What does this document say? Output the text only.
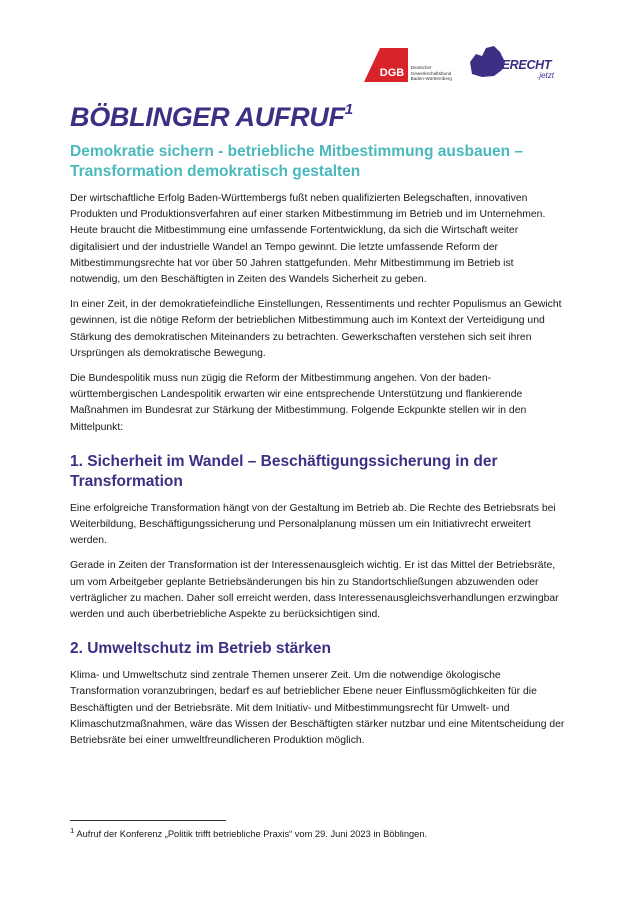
DGB Deutscher
Gewerkschaftsbund
Baden-Württemberg
BWGERECHT
.jetzt
BÖBLINGER AUFRUF$^1$
Demokratie sichern - betriebliche Mitbestimmung ausbauen – Transformation demokratisch gestalten

Der wirtschaftliche Erfolg Baden-Württembergs fußt neben qualifizierten Belegschaften, innovativen Produkten und Produktionsverfahren auf einer starken Mitbestimmung im Betrieb und im Unternehmen. Heute braucht die Mitbestimmung eine umfassende Fortentwicklung, da sich die Wirtschaft weiter digitalisiert und der industrielle Wandel an Tempo gewinnt. Die letzte umfassende Reform der Mitbestimmungsrechte hat vor über 50 Jahren stattgefunden. Mehr Mitbestimmung im Betrieb ist notwendig, um den Beschäftigten in Zeiten des Wandels Sicherheit zu geben.

In einer Zeit, in der demokratiefeindliche Einstellungen, Ressentiments und rechter Populismus an Gewicht gewinnen, ist die nötige Reform der betrieblichen Mitbestimmung auch im Kontext der Verteidigung und Stärkung des demokratischen Miteinanders zu betrachten. Gewerkschaften verstehen sich seit ihren Ursprüngen als demokratische Bewegung.

Die Bundespolitik muss nun zügig die Reform der Mitbestimmung angehen. Von der baden-württembergischen Landespolitik erwarten wir eine entsprechende Unterstützung und flankierende Maßnahmen im Bundesrat zur Stärkung der Mitbestimmung. Folgende Eckpunkte stellen wir in den Mittelpunkt:

1. Sicherheit im Wandel – Beschäftigungssicherung in der Transformation

Eine erfolgreiche Transformation hängt von der Gestaltung im Betrieb ab. Die Rechte des Betriebsrats bei Weiterbildung, Beschäftigungssicherung und Personalplanung müssen um ein Initiativrecht erweitert werden.

Gerade in Zeiten der Transformation ist der Interessenausgleich wichtig. Er ist das Mittel der Betriebsräte, um vom Arbeitgeber geplante Betriebsänderungen bis hin zu Standortschließungen abzuwenden oder verträglicher zu machen. Daher soll erreicht werden, dass Interessenausgleichsverhandlungen erzwingbar werden und auch überbetriebliche Aspekte zu berücksichtigen sind.

2. Umweltschutz im Betrieb stärken

Klima- und Umweltschutz sind zentrale Themen unserer Zeit. Um die notwendige ökologische Transformation voranzubringen, bedarf es auf betrieblicher Ebene neuer Einflussmöglichkeiten für die Beschäftigten und der Betriebsräte. Mit dem Initiativ- und Mitbestimmungsrecht für Umwelt- und Klimaschutzmaßnahmen, wäre das Wissen der Beschäftigten stärker nutzbar und eine Mitentscheidung der Betriebsräte bei einer umweltfreundlicheren Produktion möglich.

$^1$ Aufruf der Konferenz „Politik trifft betriebliche Praxis“ vom 29. Juni 2023 in Böblingen.
